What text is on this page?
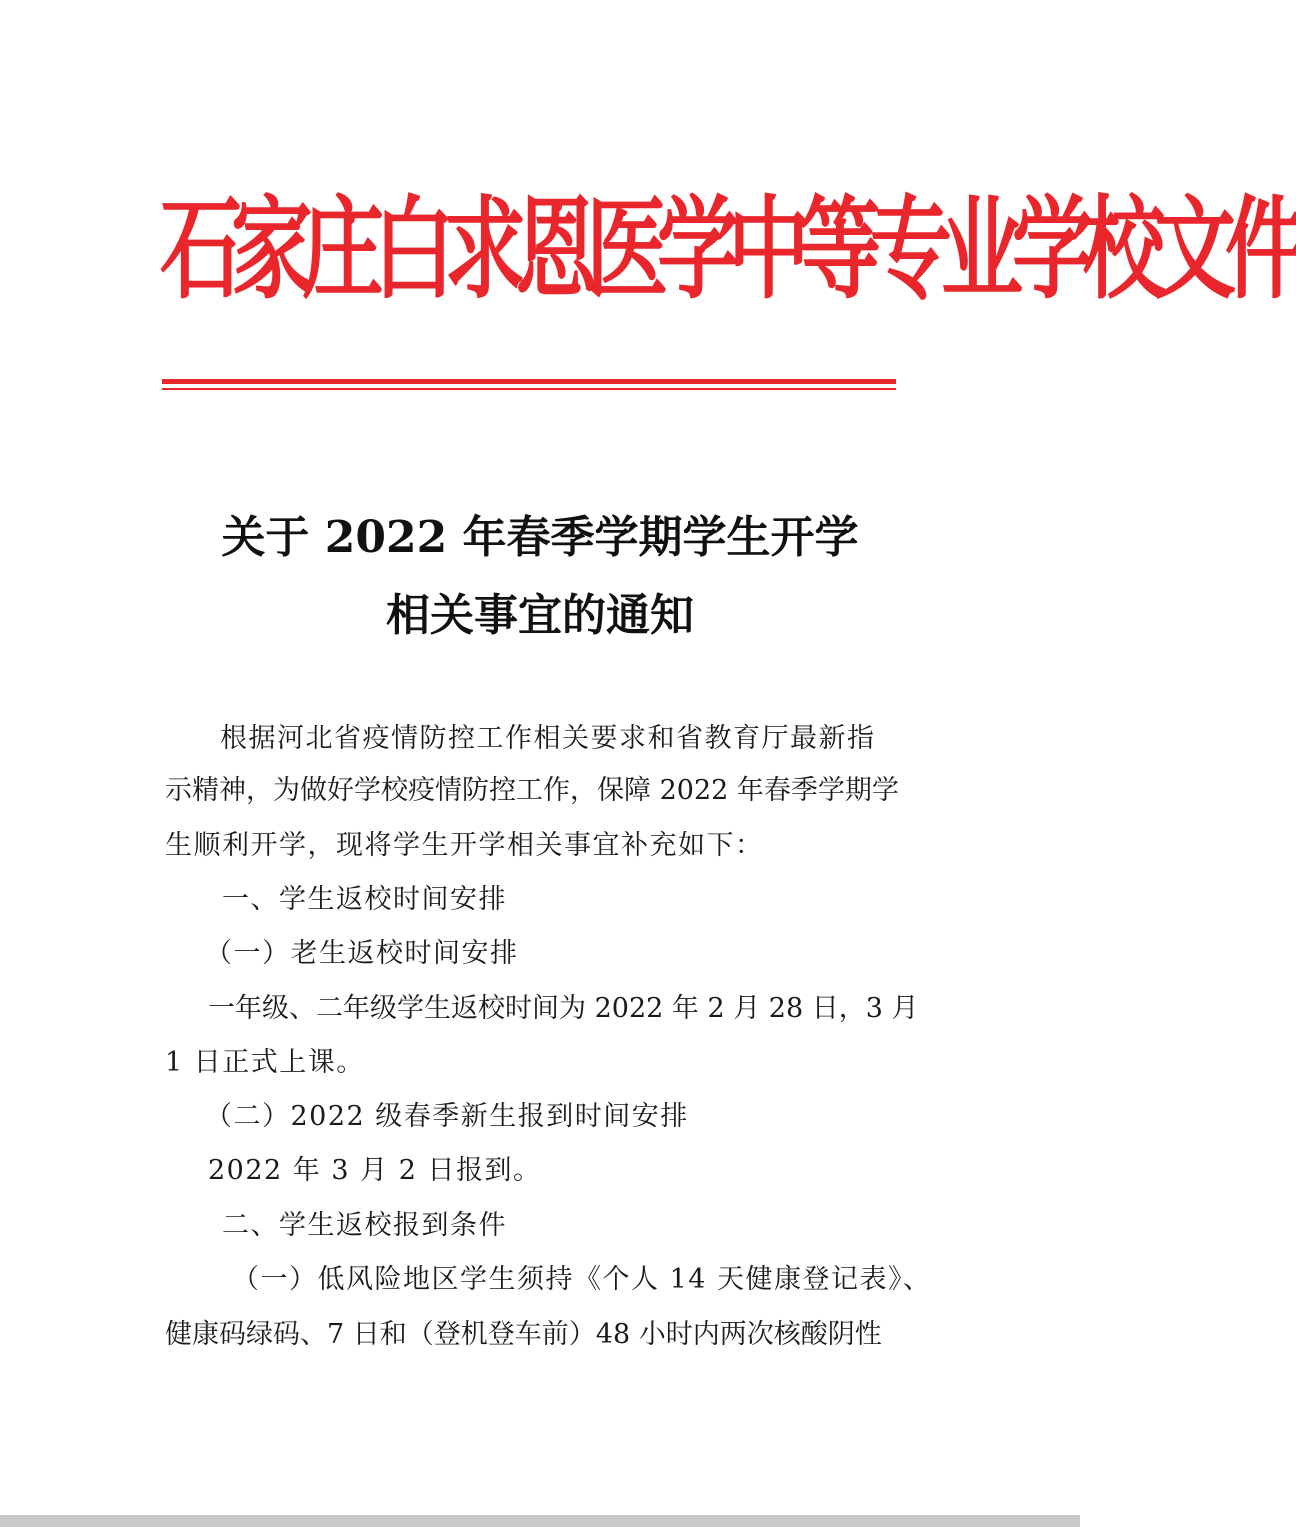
石家庄白求恩医学中等专业学校文件
关于 2022 年春季学期学生开学
相关事宜的通知

根据河北省疫情防控工作相关要求和省教育厅最新指

示精神，为做好学校疫情防控工作，保障 2022 年春季学期学

生顺利开学，现将学生开学相关事宜补充如下：

一、学生返校时间安排

（一）老生返校时间安排

一年级、二年级学生返校时间为 2022 年 2 月 28 日，3 月

1 日正式上课。

（二）2022 级春季新生报到时间安排

2022 年 3 月 2 日报到。

二、学生返校报到条件

（一）低风险地区学生须持《个人 14 天健康登记表》、

健康码绿码、7 日和（登机登车前）48 小时内两次核酸阴性
